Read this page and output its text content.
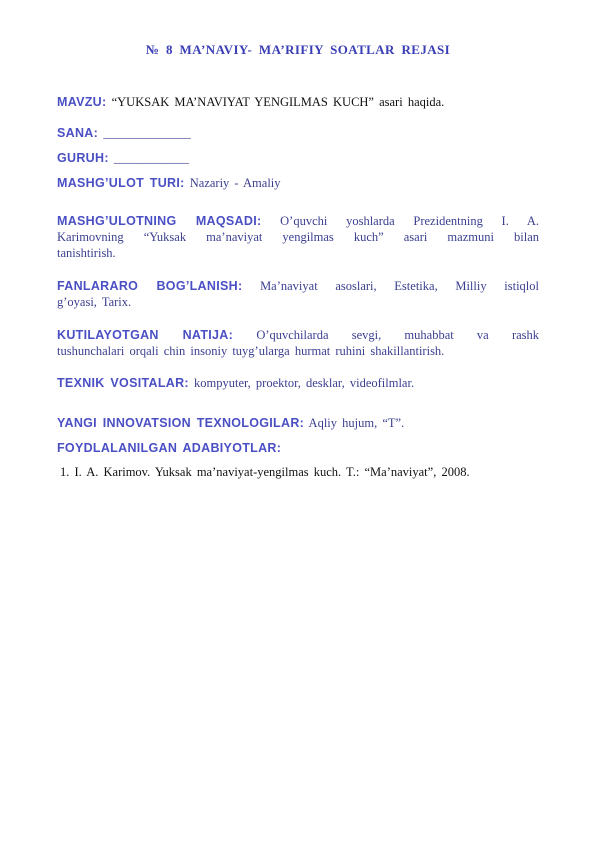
№ 8 MA’NAVIY- MA’RIFIY SOATLAR REJASI
MAVZU: “YUKSAK MA’NAVIYAT YENGILMAS KUCH” asari haqida.
SANA: ______________
GURUH: ____________
MASHG’ULOT TURI: Nazariy - Amaliy
MASHG’ULOTNING MAQSADI: O’quvchi yoshlarda Prezidentning I. A.
Karimovning “Yuksak ma’naviyat yengilmas kuch” asari mazmuni bilan
tanishtirish.
FANLARARO BOG’LANISH: Ma’naviyat asoslari, Estetika, Milliy istiqlol
g’oyasi, Tarix.
KUTILAYOTGAN NATIJA: O’quvchilarda sevgi, muhabbat va rashk
tushunchalari orqali chin insoniy tuyg’ularga hurmat ruhini shakillantirish.
TEXNIK VOSITALAR: kompyuter, proektor, desklar, videofilmlar.
YANGI INNOVATSION TEXNOLOGILAR: Aqliy hujum, “T”.
FOYDLALANILGAN ADABIYOTLAR:
1. I. A. Karimov. Yuksak ma’naviyat-yengilmas kuch. T.: “Ma’naviyat”, 2008.
